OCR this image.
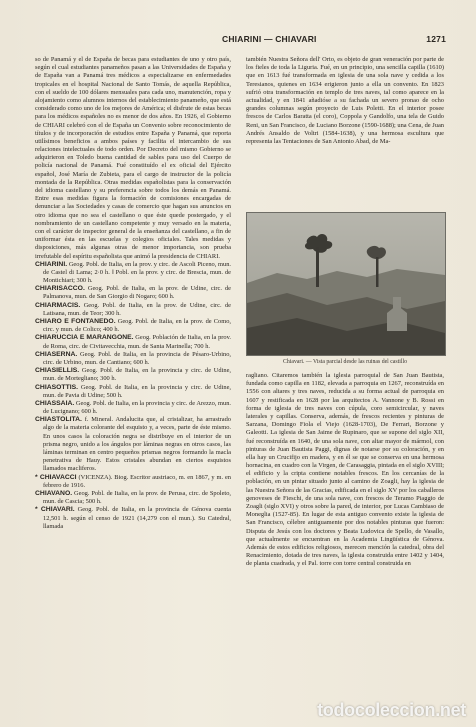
CHIARINI — CHIAVARI	1271

so de Panamá y el de España de becas para estudiantes de uno y otro país, según el cual estudiantes panameños pasan a las Universidades de España y de España van a Panamá tres médicos a especializarse en enfermedades tropicales en el hospital Nacional de Santo Tomás, de aquella República, con el sueldo de 100 dólares mensuales para cada uno, manutención, ropa y alojamiento como alumnos internos del establecimiento panameño, que está considerado como uno de los mejores de América; el disfrute de estas becas para los médicos españoles no es menor de dos años. En 1926, el Gobierno de CHIARI celebró con el de España un Convenio sobre reconocimiento de títulos y de incorporación de estudios entre España y Panamá, que reporta utilísimos beneficios a ambos países y facilita el intercambio de sus relaciones intelectuales de todo orden. Por Decreto del mismo Gobierno se adquirieron en Toledo buena cantidad de sables para uso del Cuerpo de policía nacional de Panamá. Fué constituído el ex oficial del Ejército español, José María de Zubieta, para el cargo de instructor de la policía montada de la República. Otras medidas españolistas para la conservación del idioma castellano y su preferencia sobre todos los demás en Panamá. Entre esas medidas figura la formación de comisiones encargadas de denunciar a las Sociedades y casas de comercio que hagan sus anuncios en otro idioma que no sea el castellano o que éste quede postergado, y el nombramiento de un castellano competente y muy versado en la materia, con el carácter de inspector general de la enseñanza del castellano, a fin de uniformar ésta en las escuelas y colegios oficiales. Tales medidas y disposiciones, más algunas otras de menor importancia, son prueba irrefutable del espíritu españolista que animó la presidencia de CHIARI.

CHIARINI. Geog. Pobl. de Italia, en la prov. y circ. de Ascoli Piceno, mun. de Castel di Lama; 2·0 h. ‖ Pobl. en la prov. y circ. de Brescia, mun. de Montichiari; 300 h.

CHIARISACCO. Geog. Pobl. de Italia, en la prov. de Udine, circ. de Palmanova, mun. de San Giorgio di Nogaro; 600 h.

CHIARMACIS. Geog. Pobl. de Italia, en la prov. de Udine, circ. de Latisana, mun. de Teor; 300 h.

CHIARO E FONTANEDO. Geog. Pobl. de Italia, en la prov. de Como, circ. y mun. de Colico; 400 h.

CHIARUCCIA E MARANGONE. Geog. Población de Italia, en la prov. de Roma, circ. de Civitavecchia, mun. de Santa Marinella; 700 h.

CHIASERNA. Geog. Pobl. de Italia, en la provincia de Pésaro-Urbino, circ. de Urbino, mun. de Cantiano; 600 h.

CHIASIELLIS. Geog. Pobl. de Italia, en la provincia y circ. de Udine, mun. de Mortegliano; 300 h.

CHIASOTTIS. Geog. Pobl. de Italia, en la provincia y circ. de Udine, mun. de Pavia di Udine; 500 h.

CHIASSAIA. Geog. Pobl. de Italia, en la provincia y circ. de Arezzo, mun. de Lucignano; 600 h.

CHIASTOLITA. f. Mineral. Andalucita que, al cristalizar, ha arrastrado algo de la materia colorante del esquisto y, a veces, parte de éste mismo. En unos casos la coloración negra se distribuye en el interior de un prisma negro, unido a los ángulos por láminas negras en otros casos, las láminas terminan en centro pequeños prismas negros formando la macla penetrativa de Hauy. Estos cristales abundan en ciertos esquistos llamados macliferos.

* CHIAVACCI (VICENZA). Biog. Escritor austriaco, m. en 1867, y m. en febrero de 1916.

CHIAVANO. Geog. Pobl. de Italia, en la prov. de Perusa, circ. de Spoleto, mun. de Cascia; 500 h.

* CHIAVARI. Geog. Pobl. de Italia, en la provincia de Génova cuenta 12,501 h. según el censo de 1921 (14,279 con el mun.). Su Catedral, llamada

también Nuestra Señora dell' Orto, es objeto de gran veneración por parte de los fieles de toda la Liguria. Fué, en un principio, una sencilla capilla (1610) que en 1613 fué transformada en iglesia de una sola nave y cedida a los Teresianos, quienes en 1634 erigieron junto a ella un convento. En 1823 sufrió otra transformación en templo de tres naves, tal como aparece en la actualidad, y en 1841 añadióse a su fachada un severo pronao de ocho grandes columnas según proyecto de Luis Poletti. En el interior posee frescos de Carlos Baratta (el coro), Coppola y Gandolfo, una tela de Guido Reni, un San Francisco, de Luciano Borzone (1590-1688); una Cena, de Juan Andrés Ansaldo de Voltri (1584-1638), y una hermosa escultura que representa las Tentaciones de San Antonio Abad, de Ma-

Chiavari. — Vista parcial desde las ruinas del castillo

ragliano. Citaremos también la iglesia parroquial de San Juan Bautista, fundada como capilla en 1182, elevada a parroquia en 1267, reconstruída en 1556 con altares y tres naves, reducida a su forma actual de parroquia en 1607 y restificada en 1628 por las arquitectos A. Vannone y B. Rossi en forma de iglesia de tres naves con cúpula, coro semicircular, y naves laterales y capillas. Conserva, además, de frescos recientes y pinturas de Sarzana, Domingo Fiola el Viejo (1628-1703), De Ferrari, Borzone y Galeotti. La iglesia de San Jaime de Rupinaro, que se supone del siglo XII, fué reconstruída en 1640, de una sola nave, con altar mayor de mármol, con pinturas de Juan Bautista Paggi, dignas de notarse por su coloración, y en ella hay un Crucifijo en madera, y en él se que se conserva en una hermosa hornacina, en cuadro con la Virgen, de Carasaggia, pintada en el siglo XVIII; el edificio y la cripta contiene notables frescos. En los cercanías de la población, en un pintar situado junto al camino de Zoagli, hay la iglesia de las Nuestra Señora de las Gracias, edificada en el siglo XV por los caballeros genoveses de Fieschi, de una sola nave, con frescos de Teramo Piaggio de Zoagli (siglo XVI) y otros sobre la pared, de interior, por Lucas Cambiaso de Moneglia (1527-85). En lugar de esta antiguo convento existe la iglesia de San Francisco, célebre antiguamente por dos notables pinturas que fueron: Disputa de Jesús con los doctores y Beata Ludovica de Spello, de Vasallo, que actualmente se encuentran en la Academia Lingüística de Génova. Además de estos edificios religiosos, merecen mención la catedral, obra del Renacimiento, dotada de tres naves, la iglesia construida entre 1402 y 1404, de planta cuadrada, y el Pal. torre con torre central construida en

todocoleccion.net
